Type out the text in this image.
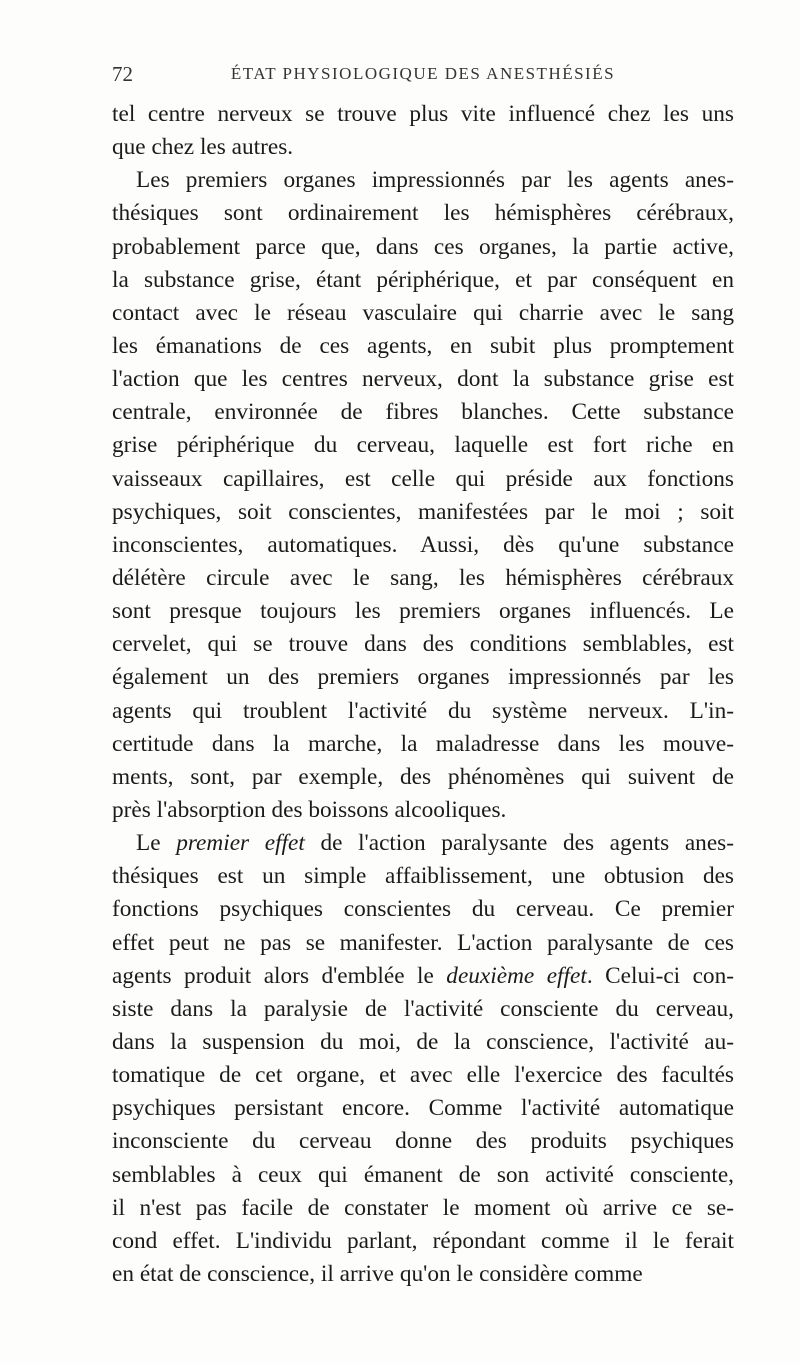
72	ÉTAT PHYSIOLOGIQUE DES ANESTHÉSIÉS

tel centre nerveux se trouve plus vite influencé chez les uns
que chez les autres.

Les premiers organes impressionnés par les agents anes-
thésiques sont ordinairement les hémisphères cérébraux,
probablement parce que, dans ces organes, la partie active,
la substance grise, étant périphérique, et par conséquent en
contact avec le réseau vasculaire qui charrie avec le sang
les émanations de ces agents, en subit plus promptement
l'action que les centres nerveux, dont la substance grise est
centrale, environnée de fibres blanches. Cette substance
grise périphérique du cerveau, laquelle est fort riche en
vaisseaux capillaires, est celle qui préside aux fonctions
psychiques, soit conscientes, manifestées par le moi ; soit
inconscientes, automatiques. Aussi, dès qu'une substance
délétère circule avec le sang, les hémisphères cérébraux
sont presque toujours les premiers organes influencés. Le
cervelet, qui se trouve dans des conditions semblables, est
également un des premiers organes impressionnés par les
agents qui troublent l'activité du système nerveux. L'in-
certitude dans la marche, la maladresse dans les mouve-
ments, sont, par exemple, des phénomènes qui suivent de
près l'absorption des boissons alcooliques.

Le premier effet de l'action paralysante des agents anes-
thésiques est un simple affaiblissement, une obtusion des
fonctions psychiques conscientes du cerveau. Ce premier
effet peut ne pas se manifester. L'action paralysante de ces
agents produit alors d'emblée le deuxième effet. Celui-ci con-
siste dans la paralysie de l'activité consciente du cerveau,
dans la suspension du moi, de la conscience, l'activité au-
tomatique de cet organe, et avec elle l'exercice des facultés
psychiques persistant encore. Comme l'activité automatique
inconsciente du cerveau donne des produits psychiques
semblables à ceux qui émanent de son activité consciente,
il n'est pas facile de constater le moment où arrive ce se-
cond effet. L'individu parlant, répondant comme il le ferait
en état de conscience, il arrive qu'on le considère comme
